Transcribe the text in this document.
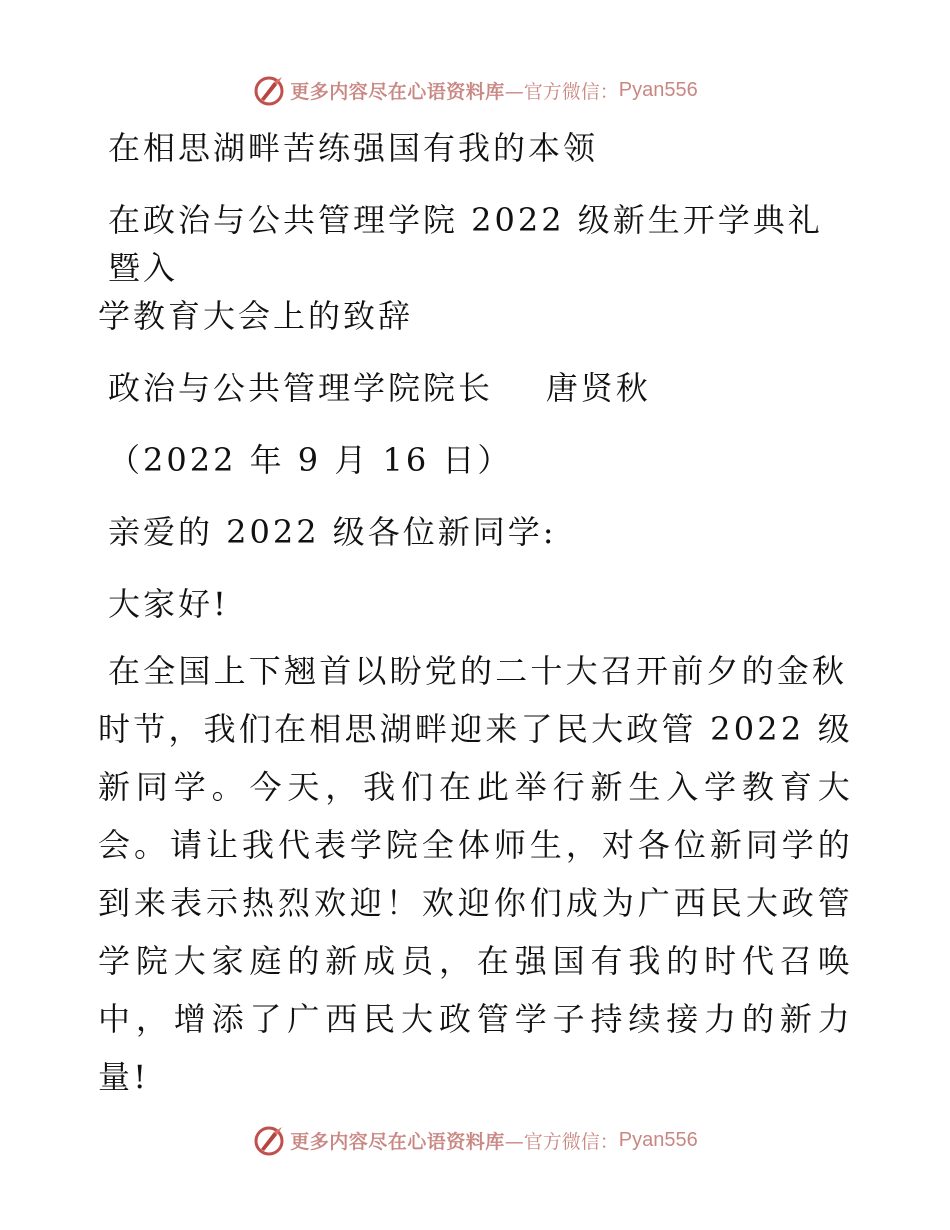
更多内容尽在心语资料库 —官方微信： Pyan556
在相思湖畔苦练强国有我的本领
在政治与公共管理学院 2022 级新生开学典礼暨入
学教育大会上的致辞
政治与公共管理学院院长    唐贤秋
（2022 年 9 月 16 日）
亲爱的 2022 级各位新同学:
大家好!
在全国上下翘首以盼党的二十大召开前夕的金秋
时节，我们在相思湖畔迎来了民大政管 2022 级新同学。今天，我们在此举行新生入学教育大会。请让我代表学院全体师生，对各位新同学的到来表示热烈欢迎！欢迎你们成为广西民大政管学院大家庭的新成员，在强国有我的时代召唤中，增添了广西民大政管学子持续接力的新力量!
更多内容尽在心语资料库 —官方微信： Pyan556
